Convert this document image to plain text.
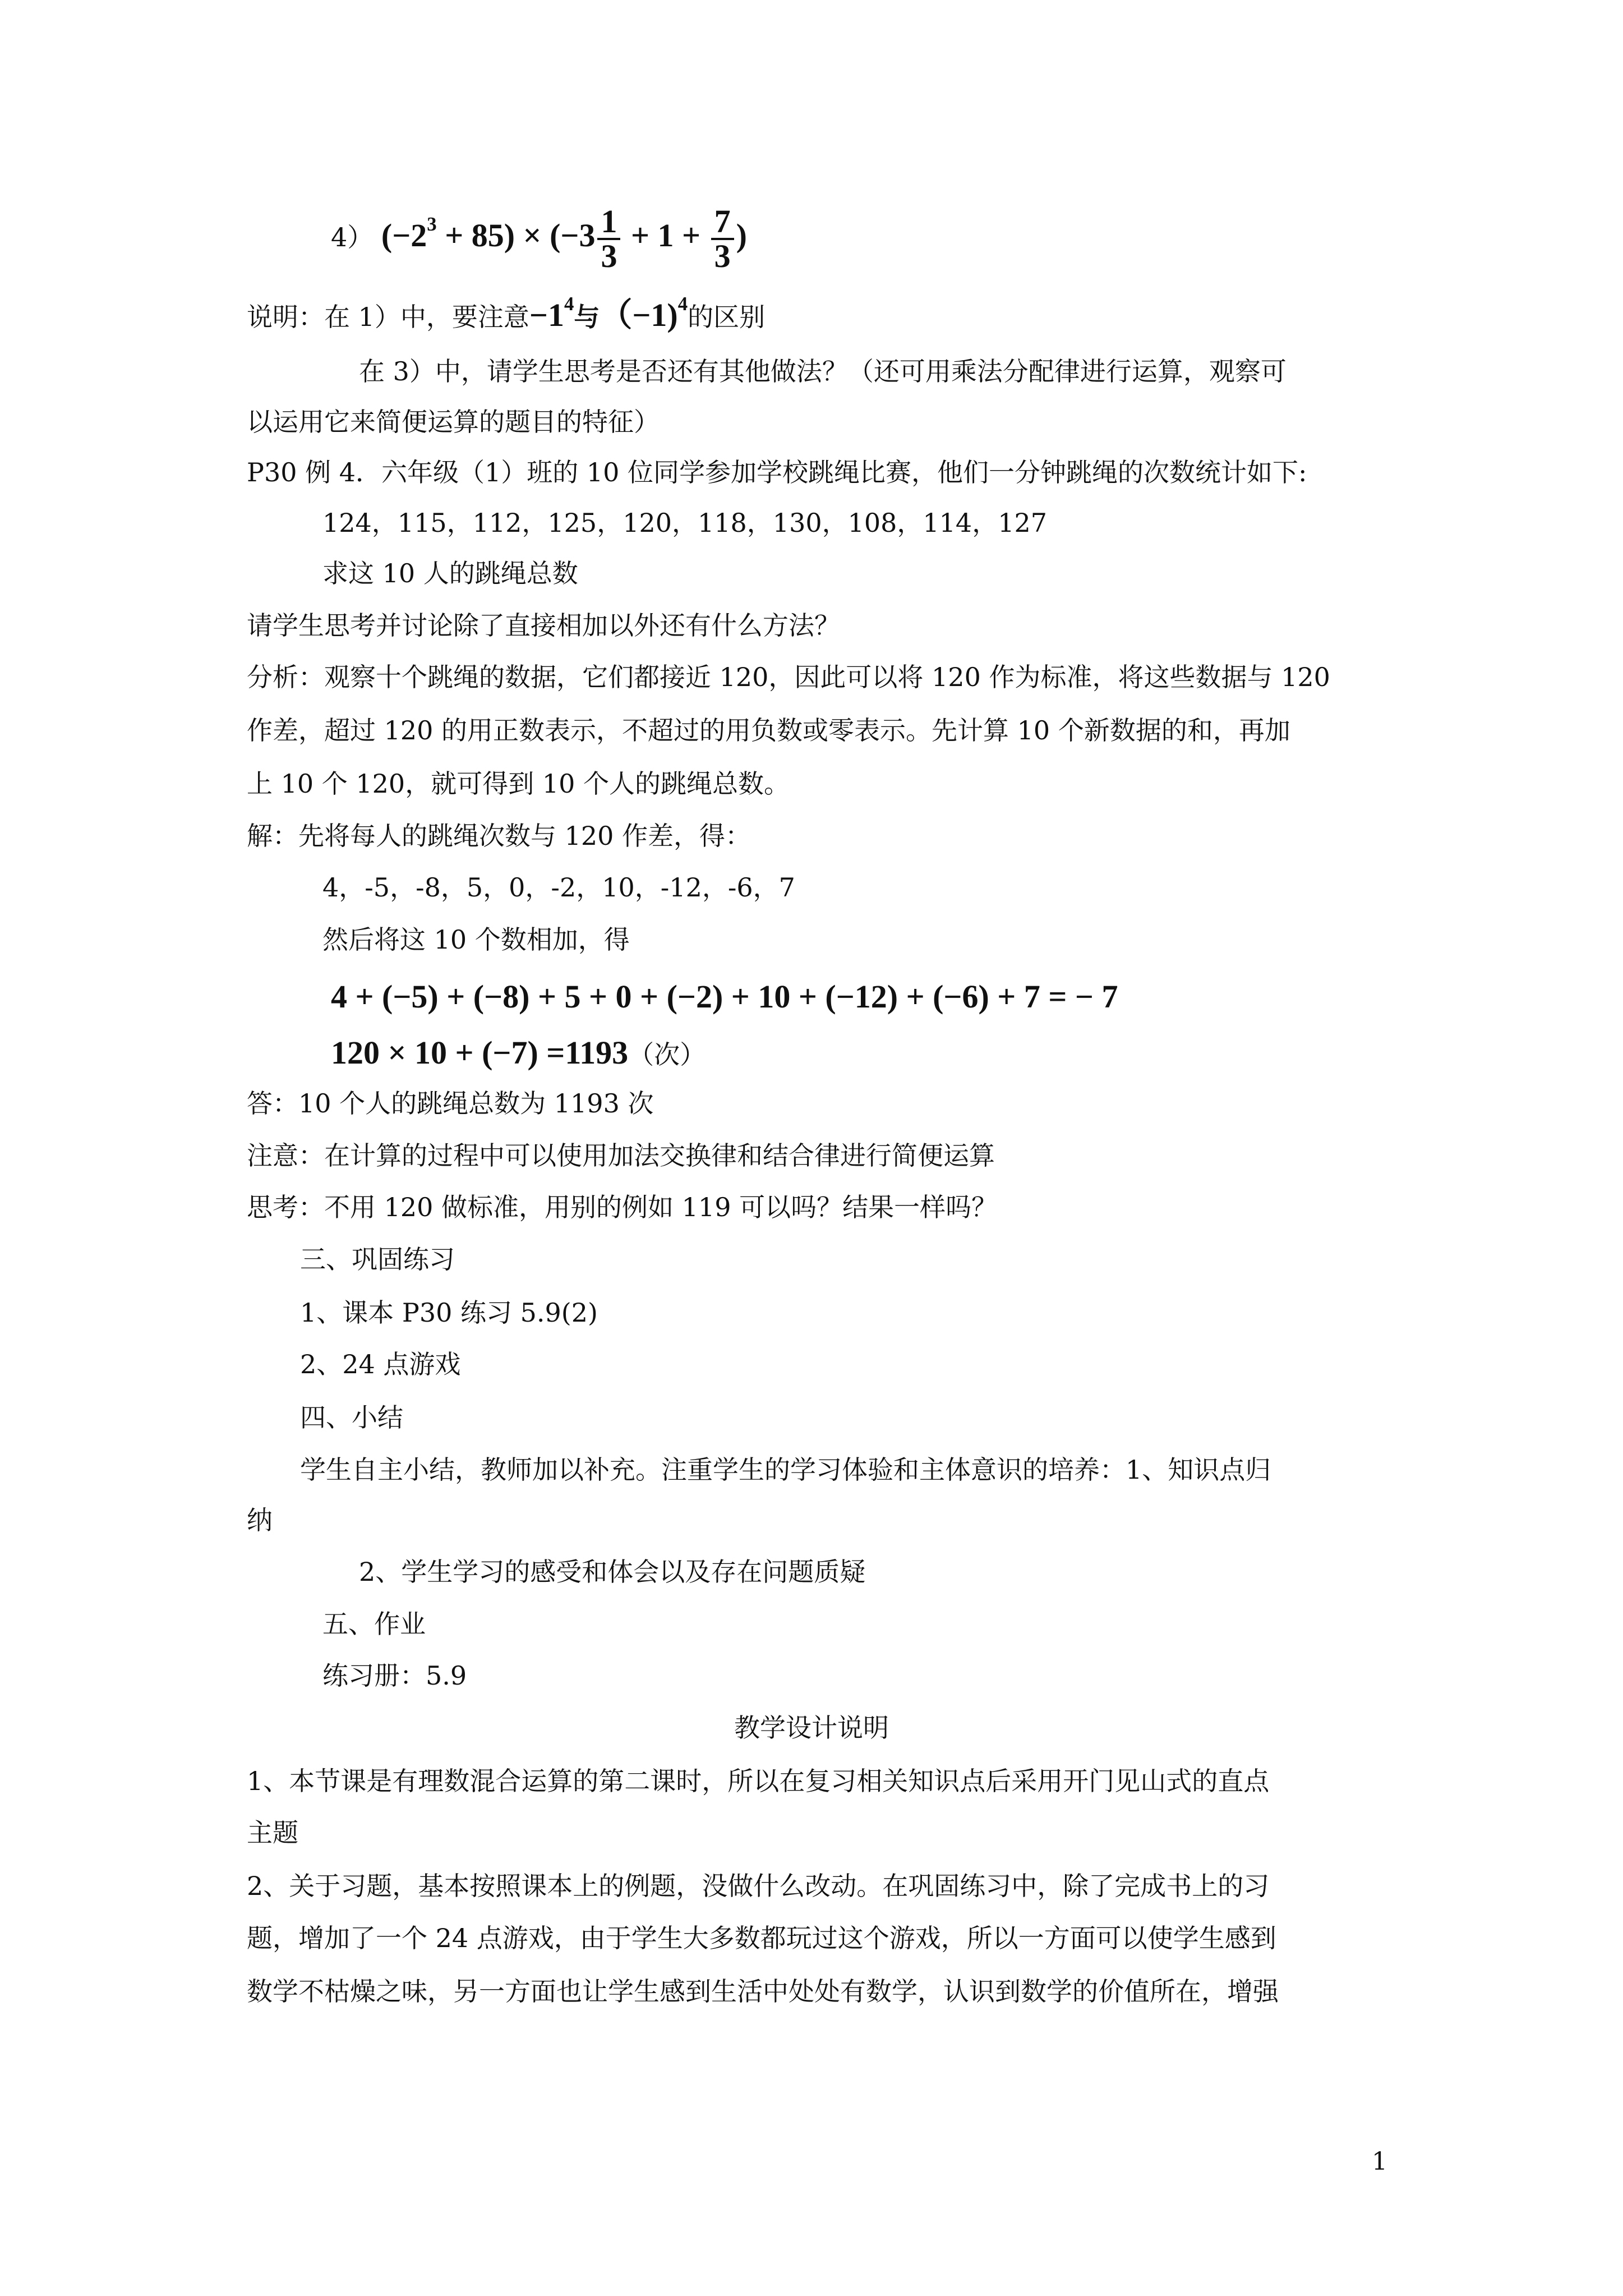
4） $(-2^3 + 85) \times (-3 \frac{1}{3} + 1 + \frac{7}{3}$ )
说明：在 1）中，要注意$-1^4$与（−1)$^4$的区别
在 3）中，请学生思考是否还有其他做法？（还可用乘法分配律进行运算，观察可
以运用它来简便运算的题目的特征）
P30 例 4．六年级（1）班的 10 位同学参加学校跳绳比赛，他们一分钟跳绳的次数统计如下:
124，115，112，125，120，118，130，108，114，127
求这 10 人的跳绳总数
请学生思考并讨论除了直接相加以外还有什么方法？
分析：观察十个跳绳的数据，它们都接近 120，因此可以将 120 作为标准，将这些数据与 120
作差，超过 120 的用正数表示，不超过的用负数或零表示。先计算 10 个新数据的和，再加
上 10 个 120，就可得到 10 个人的跳绳总数。
解：先将每人的跳绳次数与 120 作差，得：
4，-5，-8，5，0，-2，10，-12，-6，7
然后将这 10 个数相加，得
4 + (−5) + (−8) + 5 + 0 + (−2) + 10 + (−12) + (−6) + 7 = − 7
120 × 10 + (−7) =1193（次）
答：10 个人的跳绳总数为 1193 次
注意：在计算的过程中可以使用加法交换律和结合律进行简便运算
思考：不用 120 做标准，用别的例如 119 可以吗？结果一样吗？
三、巩固练习
1、课本 P30 练习 5.9(2)
2、24 点游戏
四、小结
学生自主小结，教师加以补充。注重学生的学习体验和主体意识的培养：1、知识点归
纳
2、学生学习的感受和体会以及存在问题质疑
五、作业
练习册：5.9
教学设计说明
1、本节课是有理数混合运算的第二课时，所以在复习相关知识点后采用开门见山式的直点
主题
2、关于习题，基本按照课本上的例题，没做什么改动。在巩固练习中，除了完成书上的习
题，增加了一个 24 点游戏，由于学生大多数都玩过这个游戏，所以一方面可以使学生感到
数学不枯燥之味，另一方面也让学生感到生活中处处有数学，认识到数学的价值所在，增强
1
